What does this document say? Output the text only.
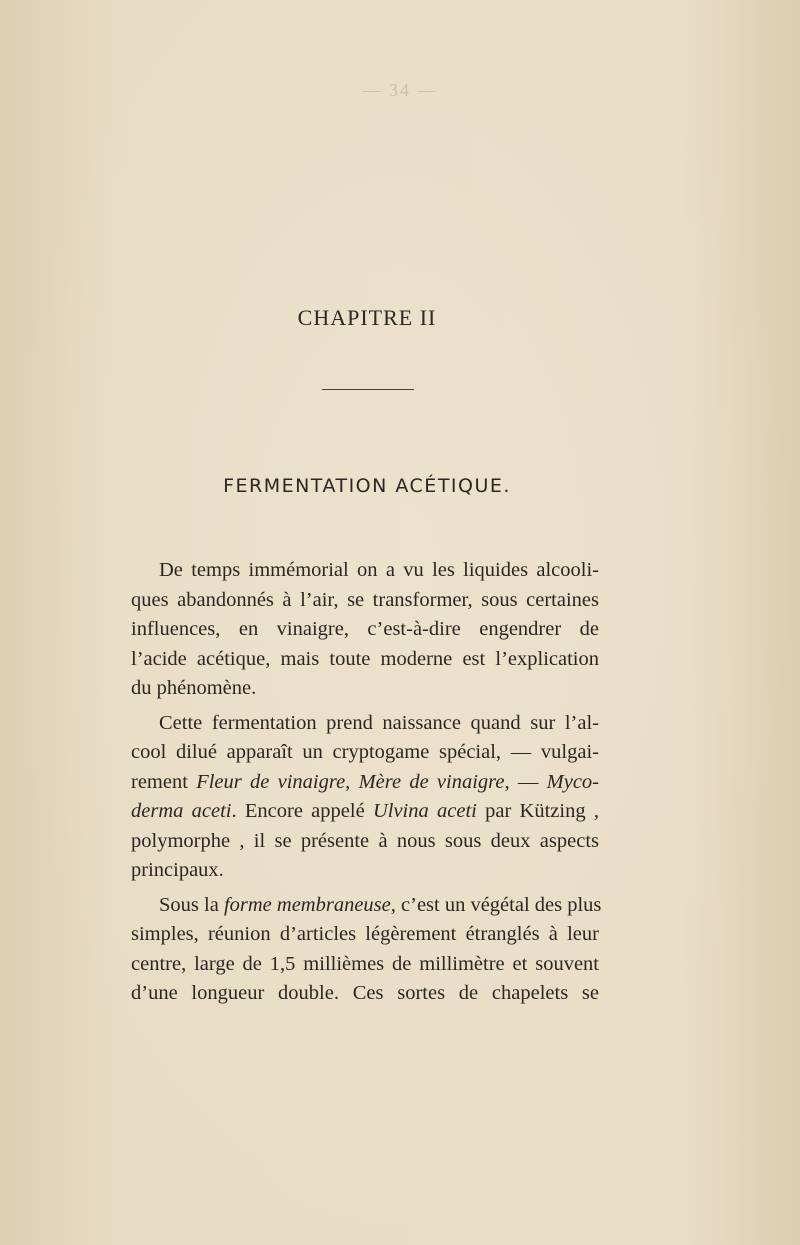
— 34 —
CHAPITRE II
FERMENTATION ACÉTIQUE.
De temps immémorial on a vu les liquides alcooli-
ques abandonnés à l’air, se transformer, sous certaines
influences, en vinaigre, c’est-à-dire engendrer de
l’acide acétique, mais toute moderne est l’explication
du phénomène.
Cette fermentation prend naissance quand sur l’al-
cool dilué apparaît un cryptogame spécial, — vulgai-
rement Fleur de vinaigre, Mère de vinaigre, — Myco-
derma aceti. Encore appelé Ulvina aceti par Kützing ,
polymorphe , il se présente à nous sous deux aspects
principaux.
Sous la forme membraneuse, c’est un végétal des plus
simples, réunion d’articles légèrement étranglés à leur
centre, large de 1,5 millièmes de millimètre et souvent
d’une longueur double. Ces sortes de chapelets se
